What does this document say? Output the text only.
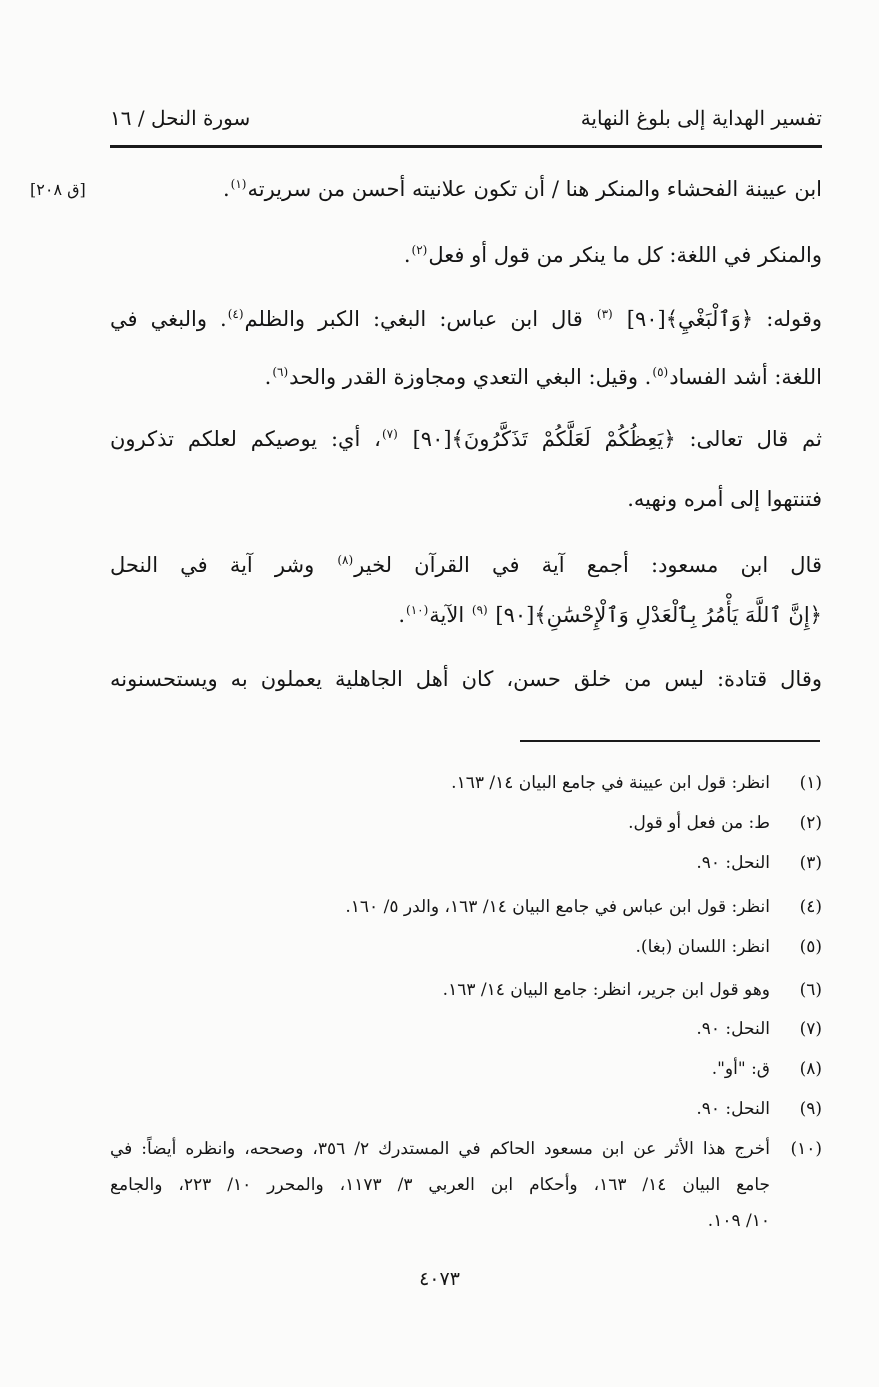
تفسير الهداية إلى بلوغ النهاية
سورة النحل / ١٦
[ق ٢٠٨]	ابن عيينة الفحشاء والمنكر هنا / أن تكون علانيته أحسن من سريرته$^{(١)}$.
والمنكر في اللغة: كل ما ينكر من قول أو فعل$^{(٢)}$.
وقوله: ﴿وَٱلْبَغْيِ﴾[٩٠] $^{(٣)}$ قال ابن عباس: البغي: الكبر والظلم$^{(٤)}$. والبغي في
اللغة: أشد الفساد$^{(٥)}$. وقيل: البغي التعدي ومجاوزة القدر والحد$^{(٦)}$.
ثم قال تعالى: ﴿يَعِظُكُمْ لَعَلَّكُمْ تَذَكَّرُونَ﴾[٩٠] $^{(٧)}$، أي: يوصيكم لعلكم تذكرون
فتنتهوا إلى أمره ونهيه.
قال ابن مسعود: أجمع آية في القرآن لخير$^{(٨)}$ وشر آية في النحل
﴿إِنَّ ٱللَّهَ يَأْمُرُ بِٱلْعَدْلِ وَٱلْإِحْسَٰنِ﴾[٩٠] $^{(٩)}$ الآية$^{(١٠)}$.
وقال قتادة: ليس من خلق حسن، كان أهل الجاهلية يعملون به ويستحسنونه
(١)
انظر: قول ابن عيينة في جامع البيان ١٤/ ١٦٣.
(٢)
ط: من فعل أو قول.
(٣)
النحل: ٩٠.
(٤)
انظر: قول ابن عباس في جامع البيان ١٤/ ١٦٣، والدر ٥/ ١٦٠.
(٥)
انظر: اللسان (بغا).
(٦)
وهو قول ابن جرير، انظر: جامع البيان ١٤/ ١٦٣.
(٧)
النحل: ٩٠.
(٨)
ق: "أو".
(٩)
النحل: ٩٠.
(١٠)
أخرج هذا الأثر عن ابن مسعود الحاكم في المستدرك ٢/ ٣٥٦، وصححه، وانظره أيضاً: في
جامع البيان ١٤/ ١٦٣، وأحكام ابن العربي ٣/ ١١٧٣، والمحرر ١٠/ ٢٢٣، والجامع
١٠/ ١٠٩.
٤٠٧٣
